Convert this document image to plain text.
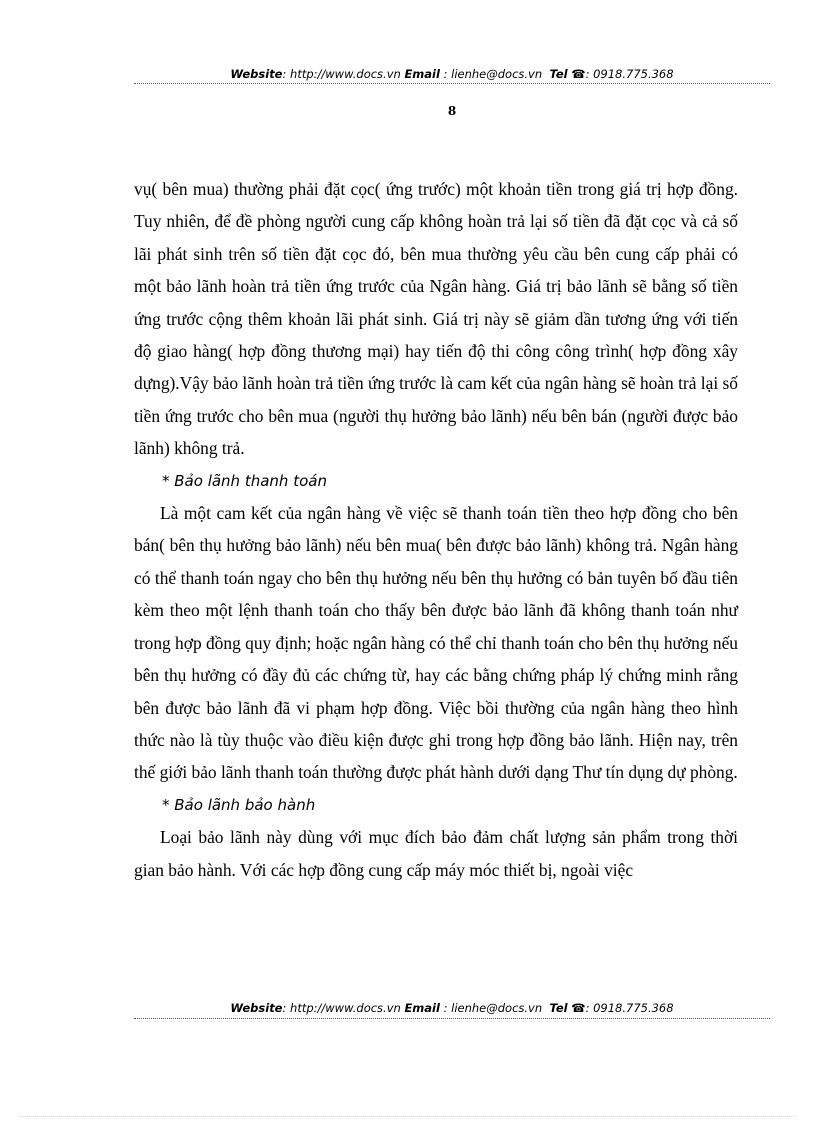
Website: http://www.docs.vn Email : lienhe@docs.vn Tel ☎: 0918.775.368
8

vụ( bên mua) thường phải đặt cọc( ứng trước) một khoản tiền trong giá trị hợp đồng. Tuy nhiên, để đề phòng người cung cấp không hoàn trả lại số tiền đã đặt cọc và cả số lãi phát sinh trên số tiền đặt cọc đó, bên mua thường yêu cầu bên cung cấp phải có một bảo lãnh hoàn trả tiền ứng trước của Ngân hàng. Giá trị bảo lãnh sẽ bằng số tiền ứng trước cộng thêm khoản lãi phát sinh. Giá trị này sẽ giảm dần tương ứng với tiến độ giao hàng( hợp đồng thương mại) hay tiến độ thi công công trình( hợp đồng xây dựng).Vậy bảo lãnh hoàn trả tiền ứng trước là cam kết của ngân hàng sẽ hoàn trả lại số tiền ứng trước cho bên mua (người thụ hưởng bảo lãnh) nếu bên bán (người được bảo lãnh) không trả.

* Bảo lãnh thanh toán

Là một cam kết của ngân hàng về việc sẽ thanh toán tiền theo hợp đồng cho bên bán( bên thụ hưởng bảo lãnh) nếu bên mua( bên được bảo lãnh) không trả. Ngân hàng có thể thanh toán ngay cho bên thụ hưởng nếu bên thụ hưởng có bản tuyên bố đầu tiên kèm theo một lệnh thanh toán cho thấy bên được bảo lãnh đã không thanh toán như trong hợp đồng quy định; hoặc ngân hàng có thể chỉ thanh toán cho bên thụ hưởng nếu bên thụ hưởng có đầy đủ các chứng từ, hay các bằng chứng pháp lý chứng minh rằng bên được bảo lãnh đã vi phạm hợp đồng. Việc bồi thường của ngân hàng theo hình thức nào là tùy thuộc vào điều kiện được ghi trong hợp đồng bảo lãnh. Hiện nay, trên thế giới bảo lãnh thanh toán thường được phát hành dưới dạng Thư tín dụng dự phòng.

* Bảo lãnh bảo hành

Loại bảo lãnh này dùng với mục đích bảo đảm chất lượng sản phẩm trong thời gian bảo hành. Với các hợp đồng cung cấp máy móc thiết bị, ngoài việc

Website: http://www.docs.vn Email : lienhe@docs.vn Tel ☎: 0918.775.368
